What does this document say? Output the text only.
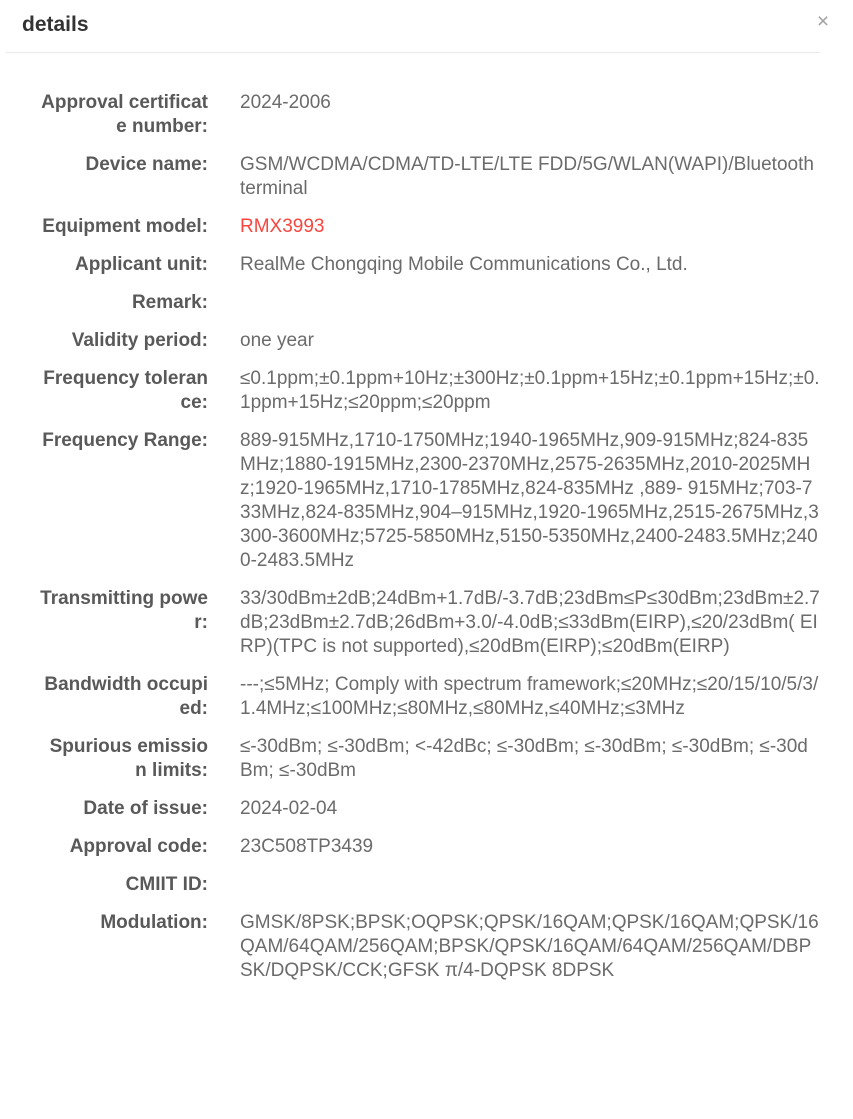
details	×
Approval certificate number:
2024-2006
Device name: GSM/WCDMA/CDMA/TD-LTE/LTE FDD/5G/WLAN(WAPI)/Bluetooth terminal
Equipment model: RMX3993
Applicant unit: RealMe Chongqing Mobile Communications Co., Ltd.
Remark:
Validity period: one year
Frequency tolerance:
≤0.1ppm;±0.1ppm+10Hz;±300Hz;±0.1ppm+15Hz;±0.1ppm+15Hz;±0.1ppm+15Hz;≤20ppm;≤20ppm
Frequency Range: 889-915MHz,1710-1750MHz;1940-1965MHz,909-915MHz;824-835MHz;1880-1915MHz,2300-2370MHz,2575-2635MHz,2010-2025MHz;1920-1965MHz,1710-1785MHz,824-835MHz ,889- 915MHz;703-733MHz,824-835MHz,904–915MHz,1920-1965MHz,2515-2675MHz,3300-3600MHz;5725-5850MHz,5150-5350MHz,2400-2483.5MHz;2400-2483.5MHz
Transmitting power:
33/30dBm±2dB;24dBm+1.7dB/-3.7dB;23dBm≤P≤30dBm;23dBm±2.7dB;23dBm±2.7dB;26dBm+3.0/-4.0dB;≤33dBm(EIRP),≤20/23dBm( EIRP)(TPC is not supported),≤20dBm(EIRP);≤20dBm(EIRP)
Bandwidth occupied:
---;≤5MHz; Comply with spectrum framework;≤20MHz;≤20/15/10/5/3/1.4MHz;≤100MHz;≤80MHz,≤80MHz,≤40MHz;≤3MHz
Spurious emission limits:
≤-30dBm; ≤-30dBm; <-42dBc; ≤-30dBm; ≤-30dBm; ≤-30dBm; ≤-30dBm; ≤-30dBm
Date of issue: 2024-02-04
Approval code: 23C508TP3439
CMIIT ID:
Modulation: GMSK/8PSK;BPSK;OQPSK;QPSK/16QAM;QPSK/16QAM;QPSK/16QAM/64QAM/256QAM;BPSK/QPSK/16QAM/64QAM/256QAM/DBPSK/DQPSK/CCK;GFSK π/4-DQPSK 8DPSK
